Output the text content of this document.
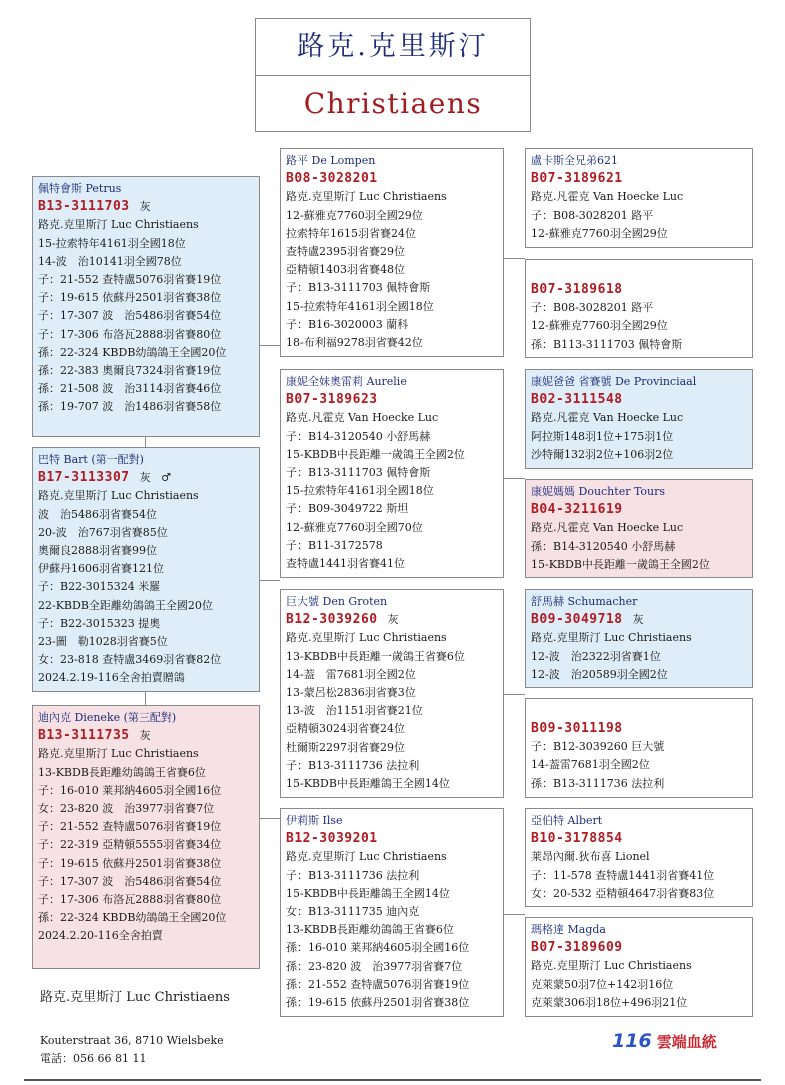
路克.克里斯汀
Christiaens
佩特會斯 Petrus
B13-3111703 灰
路克.克里斯汀 Luc Christiaens
15-拉索特年4161羽全國18位
14-波　治10141羽全國78位
子：21-552 查特盧5076羽省賽19位
子：19-615 依蘇丹2501羽省賽38位
子：17-307 波　治5486羽省賽54位
子：17-306 布洛瓦2888羽省賽80位
孫：22-324 KBDB幼鴿鴿王全國20位
孫：22-383 奧爾良7324羽省賽19位
孫：21-508 波　治3114羽省賽46位
孫：19-707 波　治1486羽省賽58位
巴特 Bart (第一配對)
B17-3113307 灰 ♂
路克.克里斯汀 Luc Christiaens
波　治5486羽省賽54位
20-波　治767羽省賽85位
奧爾良2888羽省賽99位
伊蘇丹1606羽省賽121位
子：B22-3015324 米羅
22-KBDB全距離幼鴿鴿王全國20位
子：B22-3015323 提奧
23-圖　勒1028羽省賽5位
女：23-818 查特盧3469羽省賽82位
2024.2.19-116全舍拍賣贈鴿
迪內克 Dieneke (第三配對)
B13-3111735 灰
路克.克里斯汀 Luc Christiaens
13-KBDB長距離幼鴿鴿王省賽6位
子：16-010 莱邦納4605羽全國16位
女：23-820 波　治3977羽省賽7位
子：21-552 查特盧5076羽省賽19位
子：22-319 亞精頓5555羽省賽34位
子：19-615 依蘇丹2501羽省賽38位
子：17-307 波　治5486羽省賽54位
子：17-306 布洛瓦2888羽省賽80位
孫：22-324 KBDB幼鴿鴿王全國20位
2024.2.20-116全舍拍賣
路平 De Lompen
B08-3028201
路克.克里斯汀 Luc Christiaens
12-蘇雅克7760羽全國29位
拉索特年1615羽省賽24位
查特盧2395羽省賽29位
亞精頓1403羽省賽48位
子：B13-3111703 佩特會斯
15-拉索特年4161羽全國18位
子：B16-3020003 蘭科
18-布利福9278羽省賽42位
康妮全妹奧雷莉 Aurelie
B07-3189623
路克.凡霍克 Van Hoecke Luc
子：B14-3120540 小舒馬赫
15-KBDB中長距離一歲鴿王全國2位
子：B13-3111703 佩特會斯
15-拉索特年4161羽全國18位
子：B09-3049722 斯坦
12-蘇雅克7760羽全國70位
子：B11-3172578
查特盧1441羽省賽41位
巨大號 Den Groten
B12-3039260 灰
路克.克里斯汀 Luc Christiaens
13-KBDB中長距離一歲鴿王省賽6位
14-葢　雷7681羽全國2位
13-蒙呂松2836羽省賽3位
13-波　治1151羽省賽21位
亞精頓3024羽省賽24位
杜爾斯2297羽省賽29位
子：B13-3111736 法拉利
15-KBDB中長距離鴿王全國14位
伊莉斯 Ilse
B12-3039201
路克.克里斯汀 Luc Christiaens
子：B13-3111736 法拉利
15-KBDB中長距離鴿王全國14位
女：B13-3111735 迪內克
13-KBDB長距離幼鴿鴿王省賽6位
孫：16-010 莱邦納4605羽全國16位
孫：23-820 波　治3977羽省賽7位
孫：21-552 查特盧5076羽省賽19位
孫：19-615 依蘇丹2501羽省賽38位
盧卡斯全兄弟621
B07-3189621
路克.凡霍克 Van Hoecke Luc
子：B08-3028201 路平
12-蘇雅克7760羽全國29位
B07-3189618
子：B08-3028201 路平
12-蘇雅克7760羽全國29位
孫：B113-3111703 佩特會斯
康妮爸爸 省賽號 De Provinciaal
B02-3111548
路克.凡霍克 Van Hoecke Luc
阿拉斯148羽1位+175羽1位
沙特爾132羽2位+106羽2位
康妮媽媽 Douchter Tours
B04-3211619
路克.凡霍克 Van Hoecke Luc
孫：B14-3120540 小舒馬赫
15-KBDB中長距離一歲鴿王全國2位
舒馬赫 Schumacher
B09-3049718 灰
路克.克里斯汀 Luc Christiaens
12-波　治2322羽省賽1位
12-波　治20589羽全國2位
B09-3011198
子：B12-3039260 巨大號
14-葢雷7681羽全國2位
孫：B13-3111736 法拉利
亞伯特 Albert
B10-3178854
莱昂內爾.狄布喜 Lionel
子：11-578 查特盧1441羽省賽41位
女：20-532 亞精頓4647羽省賽83位
瑪格達 Magda
B07-3189609
路克.克里斯汀 Luc Christiaens
克萊蒙50羽7位+142羽16位
克萊蒙306羽18位+496羽21位
路克.克里斯汀 Luc Christiaens
Kouterstraat 36, 8710 Wielsbeke
電話：056 66 81 11
116 雲端血統
